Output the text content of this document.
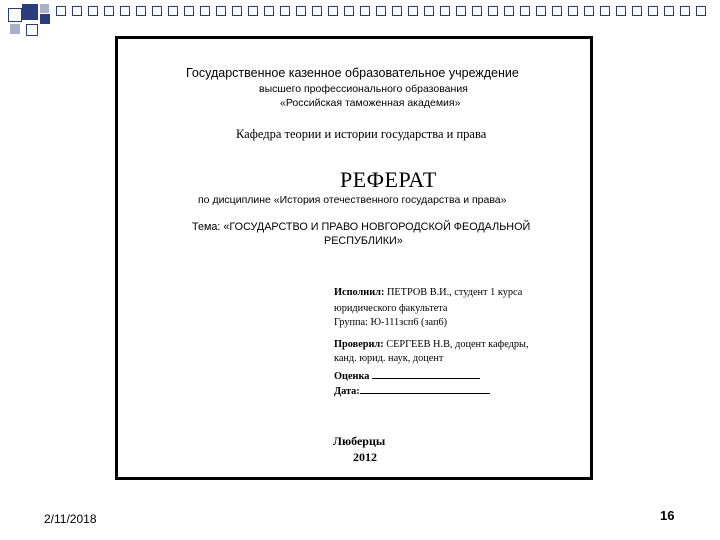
Государственное казенное образовательное учреждение
высшего профессионального образования
«Российская таможенная академия»
Кафедра теории и истории государства и права
РЕФЕРАТ
по дисциплине «История отечественного государства и права»
Тема: «ГОСУДАРСТВО И ПРАВО НОВГОРОДСКОЙ ФЕОДАЛЬНОЙ
РЕСПУБЛИКИ»
Исполнил: ПЕТРОВ В.И., студент 1 курса
юридического факультета
Группа: Ю-111зсп6 (зап6)
Проверил: СЕРГЕЕВ Н.В, доцент кафедры,
канд. юрид. наук, доцент
Оценка
Дата:
Люберцы
2012
2/11/2018	16
